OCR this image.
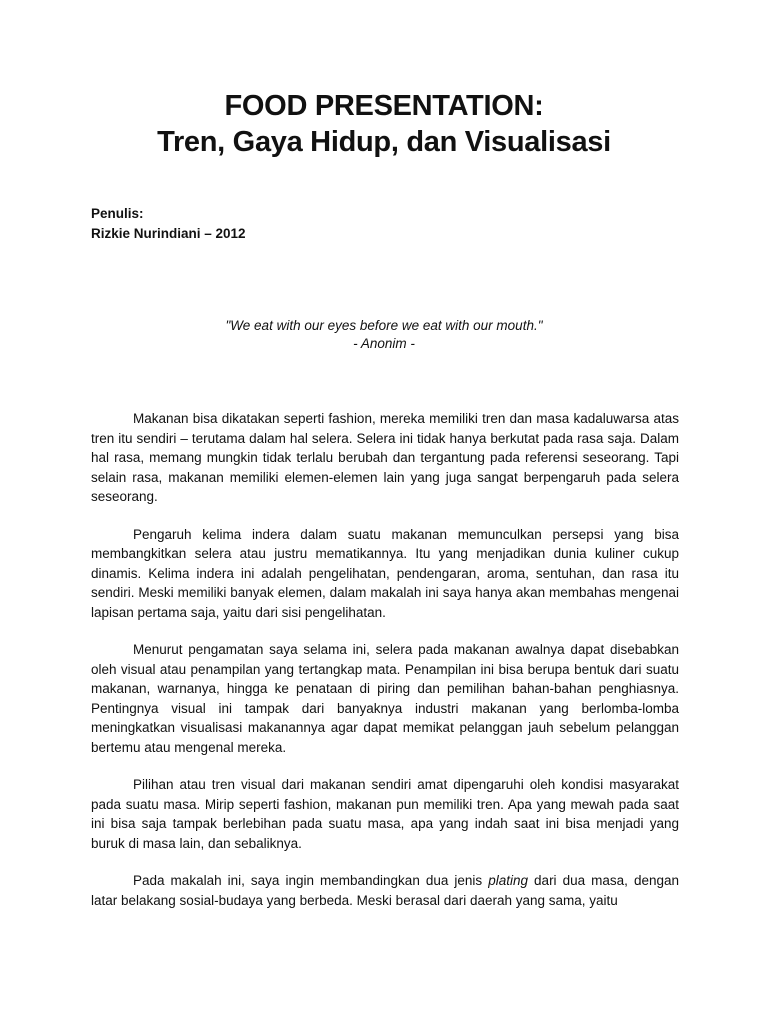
FOOD PRESENTATION:
Tren, Gaya Hidup, dan Visualisasi
Penulis:
Rizkie Nurindiani – 2012
"We eat with our eyes before we eat with our mouth."
- Anonim -

Makanan bisa dikatakan seperti fashion, mereka memiliki tren dan masa kadaluwarsa atas tren itu sendiri – terutama dalam hal selera. Selera ini tidak hanya berkutat pada rasa saja. Dalam hal rasa, memang mungkin tidak terlalu berubah dan tergantung pada referensi seseorang. Tapi selain rasa, makanan memiliki elemen-elemen lain yang juga sangat berpengaruh pada selera seseorang.

Pengaruh kelima indera dalam suatu makanan memunculkan persepsi yang bisa membangkitkan selera atau justru mematikannya. Itu yang menjadikan dunia kuliner cukup dinamis. Kelima indera ini adalah pengelihatan, pendengaran, aroma, sentuhan, dan rasa itu sendiri. Meski memiliki banyak elemen, dalam makalah ini saya hanya akan membahas mengenai lapisan pertama saja, yaitu dari sisi pengelihatan.

Menurut pengamatan saya selama ini, selera pada makanan awalnya dapat disebabkan oleh visual atau penampilan yang tertangkap mata. Penampilan ini bisa berupa bentuk dari suatu makanan, warnanya, hingga ke penataan di piring dan pemilihan bahan-bahan penghiasnya. Pentingnya visual ini tampak dari banyaknya industri makanan yang berlomba-lomba meningkatkan visualisasi makanannya agar dapat memikat pelanggan jauh sebelum pelanggan bertemu atau mengenal mereka.

Pilihan atau tren visual dari makanan sendiri amat dipengaruhi oleh kondisi masyarakat pada suatu masa. Mirip seperti fashion, makanan pun memiliki tren. Apa yang mewah pada saat ini bisa saja tampak berlebihan pada suatu masa, apa yang indah saat ini bisa menjadi yang buruk di masa lain, dan sebaliknya.

Pada makalah ini, saya ingin membandingkan dua jenis plating dari dua masa, dengan latar belakang sosial-budaya yang berbeda. Meski berasal dari daerah yang sama, yaitu
